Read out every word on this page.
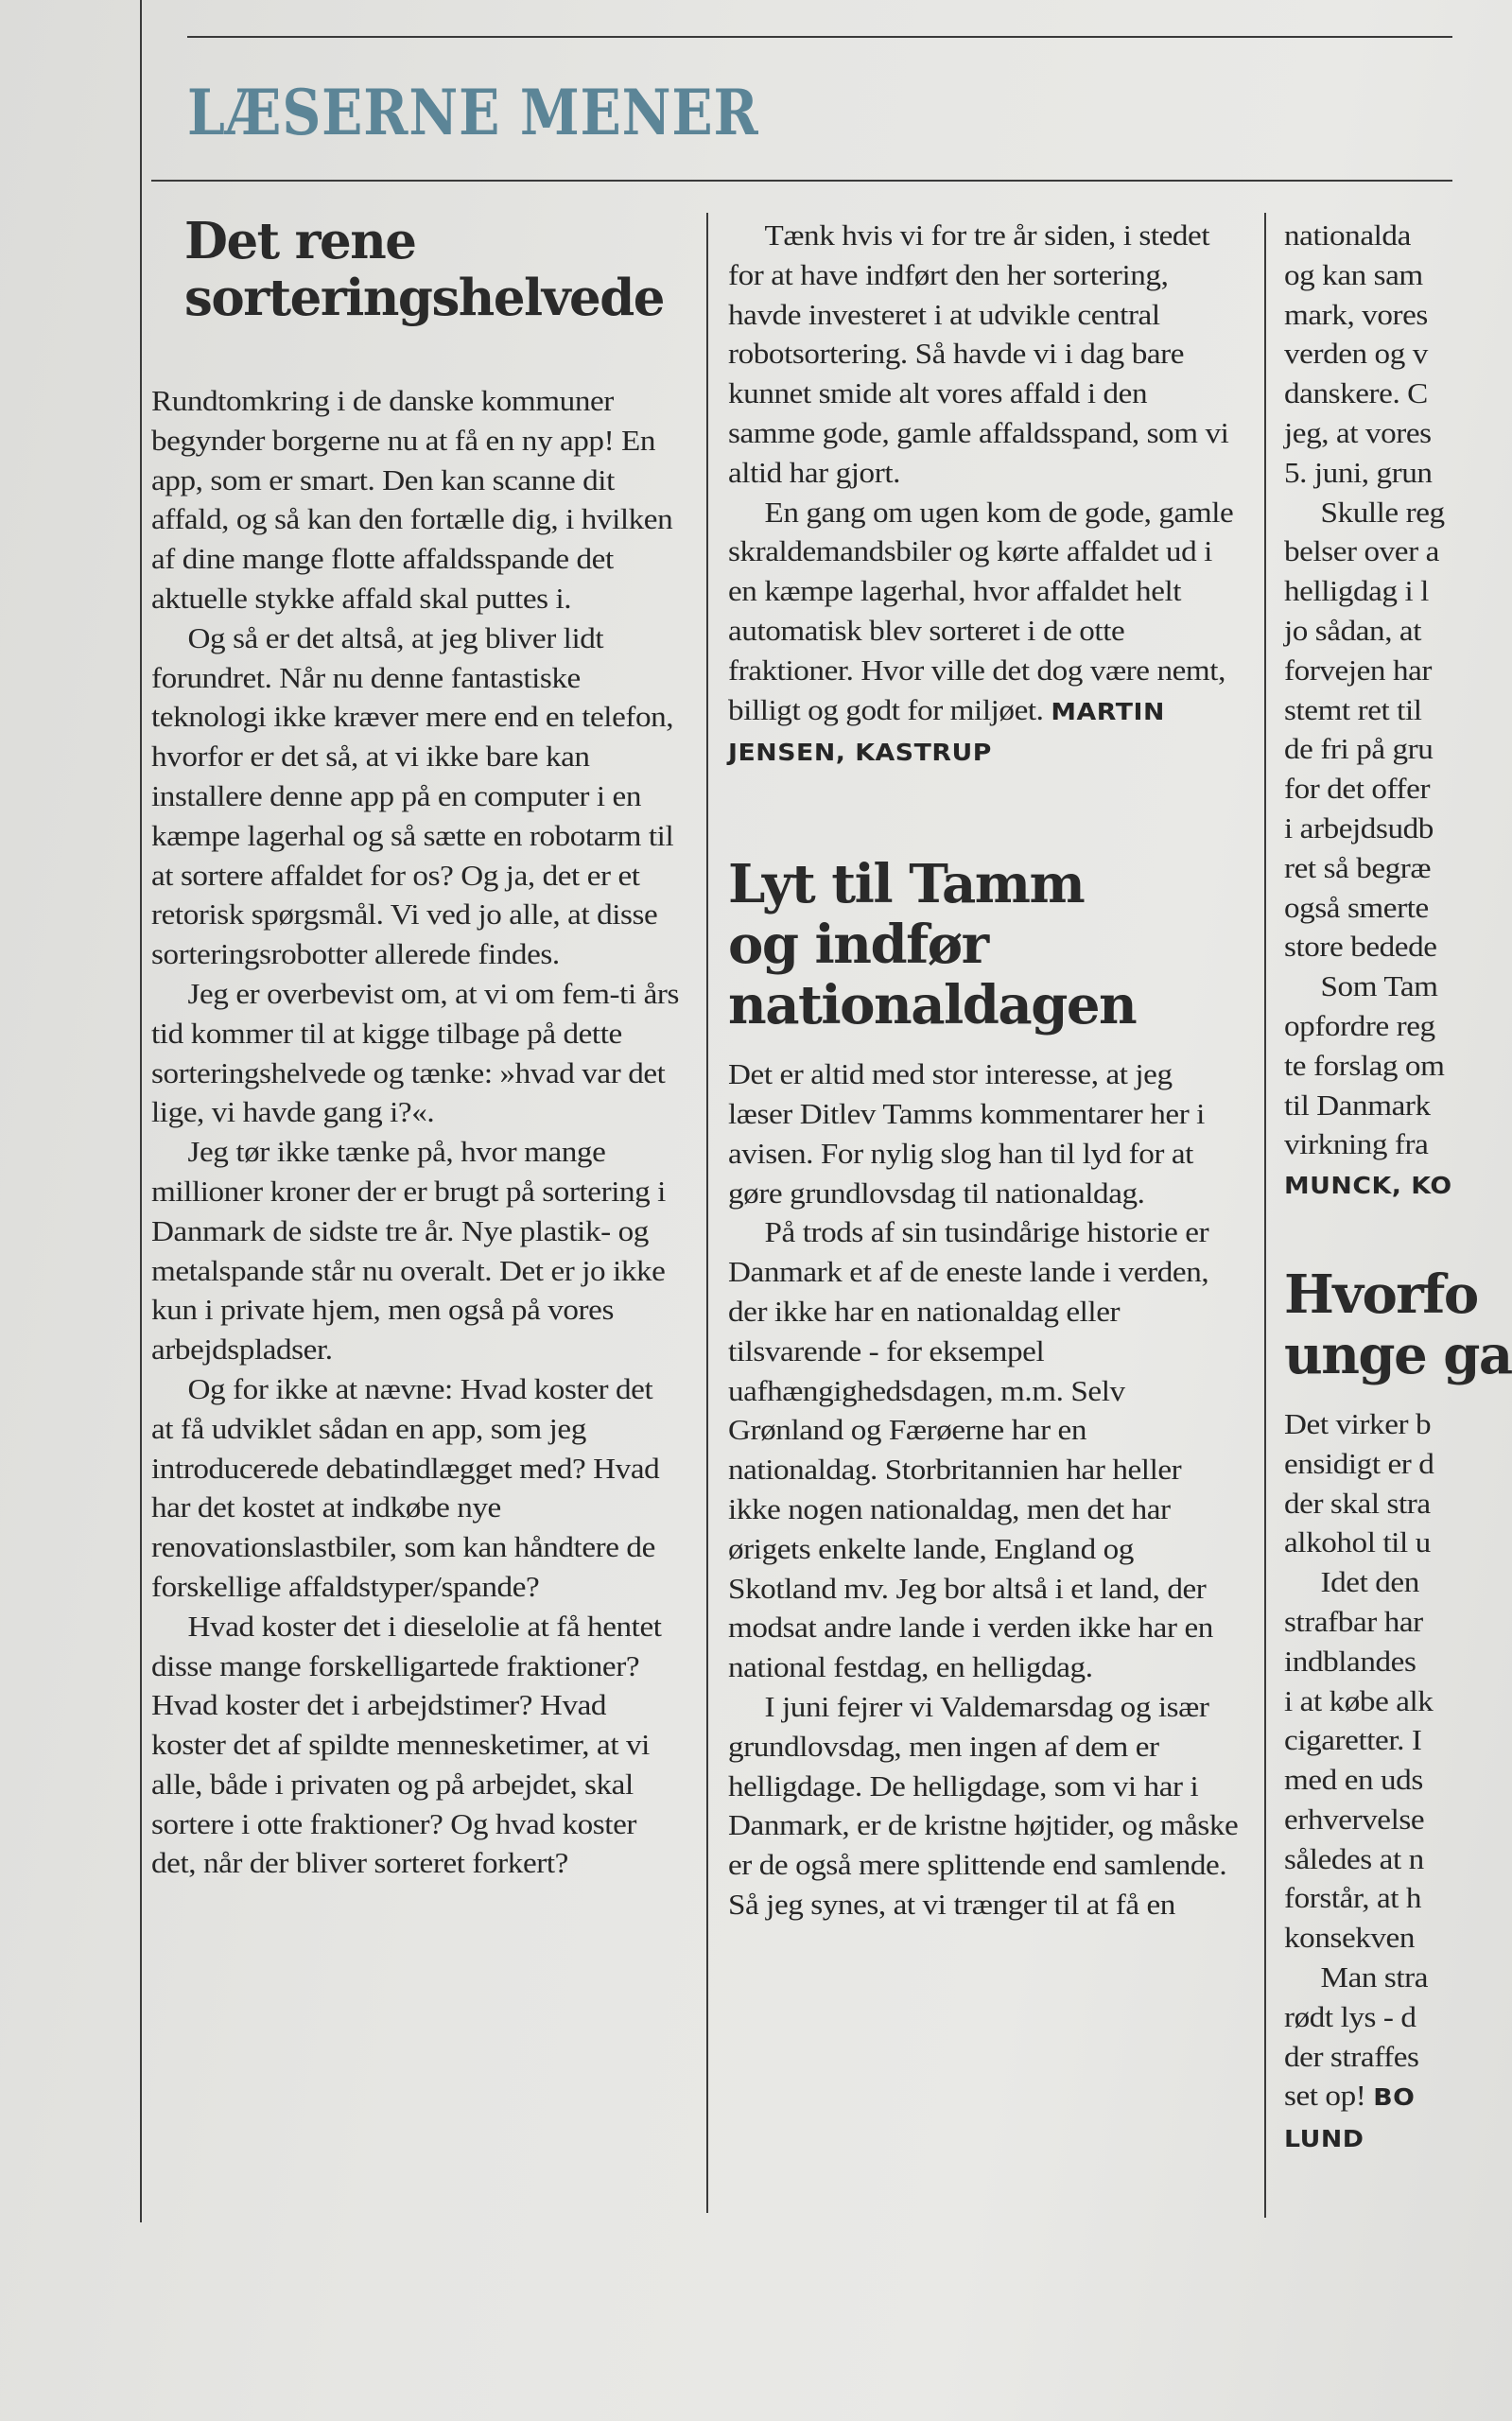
LÆSERNE MENER
Det rene
sorteringshelvede

Rundtomkring i de danske kommuner begynder borgerne nu at få en ny app! En app, som er smart. Den kan scanne dit affald, og så kan den fortælle dig, i hvilken af dine mange flotte affaldsspande det aktuelle stykke affald skal puttes i.

Og så er det altså, at jeg bliver lidt forundret. Når nu denne fantastiske teknologi ikke kræver mere end en telefon, hvorfor er det så, at vi ikke bare kan installere denne app på en computer i en kæmpe lagerhal og så sætte en robotarm til at sortere affaldet for os? Og ja, det er et retorisk spørgsmål. Vi ved jo alle, at disse sorteringsrobotter allerede findes.

Jeg er overbevist om, at vi om fem-ti års tid kommer til at kigge tilbage på dette sorteringshelvede og tænke: »hvad var det lige, vi havde gang i?«.

Jeg tør ikke tænke på, hvor mange millioner kroner der er brugt på sortering i Danmark de sidste tre år. Nye plastik- og metalspande står nu overalt. Det er jo ikke kun i private hjem, men også på vores arbejdspladser.

Og for ikke at nævne: Hvad koster det at få udviklet sådan en app, som jeg introducerede debatindlægget med? Hvad har det kostet at indkøbe nye renovationslastbiler, som kan håndtere de forskellige affaldstyper/spande?

Hvad koster det i dieselolie at få hentet disse mange forskelligartede fraktioner? Hvad koster det i arbejdstimer? Hvad koster det af spildte mennesketimer, at vi alle, både i privaten og på arbejdet, skal sortere i otte fraktioner? Og hvad koster det, når der bliver sorteret forkert?

Tænk hvis vi for tre år siden, i stedet for at have indført den her sortering, havde investeret i at udvikle central robotsortering. Så havde vi i dag bare kunnet smide alt vores affald i den samme gode, gamle affaldsspand, som vi altid har gjort.

En gang om ugen kom de gode, gamle skraldemandsbiler og kørte affaldet ud i en kæmpe lagerhal, hvor affaldet helt automatisk blev sorteret i de otte fraktioner. Hvor ville det dog være nemt, billigt og godt for miljøet. MARTIN JENSEN, KASTRUP

Lyt til Tamm
og indfør
nationaldagen

Det er altid med stor interesse, at jeg læser Ditlev Tamms kommentarer her i avisen. For nylig slog han til lyd for at gøre grundlovsdag til nationaldag.

På trods af sin tusindårige historie er Danmark et af de eneste lande i verden, der ikke har en nationaldag eller tilsvarende - for eksempel uafhængighedsdagen, m.m. Selv Grønland og Færøerne har en nationaldag. Storbritannien har heller ikke nogen nationaldag, men det har ørigets enkelte lande, England og Skotland mv. Jeg bor altså i et land, der modsat andre lande i verden ikke har en national festdag, en helligdag.

I juni fejrer vi Valdemarsdag og især grundlovsdag, men ingen af dem er helligdage. De helligdage, som vi har i Danmark, er de kristne højtider, og måske er de også mere splittende end samlende. Så jeg synes, at vi trænger til at få en

nationalda

og kan sam

mark, vores

verden og v

danskere. C

jeg, at vores

5. juni, grun

Skulle reg

belser over a

helligdag i l

jo sådan, at

forvejen har

stemt ret til

de fri på gru

for det offer

i arbejdsudb

ret så begræ

også smerte

store bedede

Som Tam

opfordre reg

te forslag om

til Danmark

virkning fra

MUNCK, KO

Hvorfo
unge ga

Det virker b

ensidigt er d

der skal stra

alkohol til u

Idet den

strafbar har

indblandes

i at købe alk

cigaretter. I

med en uds

erhvervelse

således at n

forstår, at h

konsekven

Man stra

rødt lys - d

der straffes

set op! BO

LUND
